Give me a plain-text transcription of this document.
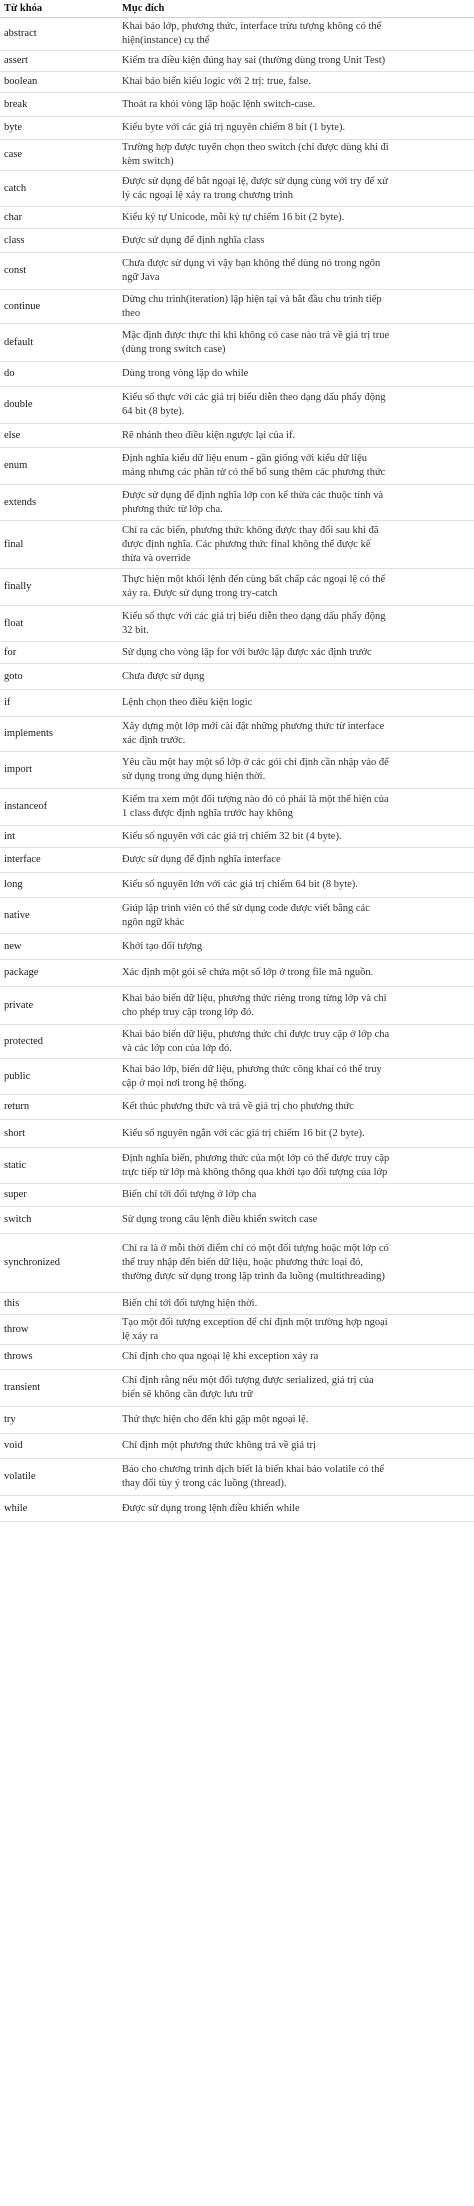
Từ khóa	Mục đích
abstract	Khai báo lớp, phương thức, interface trừu tượng không có thể hiện(instance) cụ thể
assert	Kiểm tra điều kiện đúng hay sai (thường dùng trong Unit Test)
boolean	Khai báo biến kiểu logic với 2 trị: true, false.
break	Thoát ra khỏi vòng lặp hoặc lệnh switch-case.
byte	Kiểu byte với các giá trị nguyên chiếm 8 bit (1 byte).
case	Trường hợp được tuyển chọn theo switch (chỉ được dùng khi đi kèm switch)
catch	Được sử dụng để bắt ngoại lệ, được sử dụng cùng với try để xử lý các ngoại lệ xảy ra trong chương trình
char	Kiểu ký tự Unicode, mỗi ký tự chiếm 16 bit (2 byte).
class	Được sử dụng để định nghĩa class
const	Chưa được sử dụng vì vậy bạn không thể dùng nó trong ngôn ngữ Java
continue	Dừng chu trình(iteration) lặp hiện tại và bắt đầu chu trình tiếp theo
default	Mặc định được thực thi khi không có case nào trả về giá trị true (dùng trong switch case)
do	Dùng trong vòng lặp do while
double	Kiểu số thực với các giá trị biểu diễn theo dạng dấu phẩy động 64 bit (8 byte).
else	Rẽ nhánh theo điều kiện ngược lại của if.
enum	Định nghĩa kiểu dữ liệu enum - gần giống với kiểu dữ liệu mảng nhưng các phần tử có thể bổ sung thêm các phương thức
extends	Được sử dụng để định nghĩa lớp con kế thừa các thuộc tính và phương thức từ lớp cha.
final	Chỉ ra các biến, phương thức không được thay đổi sau khi đã được định nghĩa. Các phương thức final không thể được kế thừa và override
finally	Thực hiện một khối lệnh đến cùng bất chấp các ngoại lệ có thể xảy ra. Được sử dụng trong try-catch
float	Kiểu số thực với các giá trị biểu diễn theo dạng dấu phẩy động 32 bit.
for	Sử dụng cho vòng lặp for với bước lặp được xác định trước
goto	Chưa được sử dụng
if	Lệnh chọn theo điều kiện logic
implements	Xây dựng một lớp mới cài đặt những phương thức từ interface xác định trước.
import	Yêu cầu một hay một số lớp ở các gói chỉ định cần nhập vào để sử dụng trong ứng dụng hiện thời.
instanceof	Kiểm tra xem một đối tượng nào đó có phải là một thể hiện của 1 class được định nghĩa trước hay không
int	Kiểu số nguyên với các giá trị chiếm 32 bit (4 byte).
interface	Được sử dụng để định nghĩa interface
long	Kiểu số nguyên lớn với các giá trị chiếm 64 bit (8 byte).
native	Giúp lập trình viên có thể sử dụng code được viết bằng các ngôn ngữ khác
new	Khởi tạo đối tượng
package	Xác định một gói sẽ chứa một số lớp ở trong file mã nguồn.
private	Khai báo biến dữ liệu, phương thức riêng trong từng lớp và chỉ cho phép truy cập trong lớp đó.
protected	Khai báo biến dữ liệu, phương thức chỉ được truy cập ở lớp cha và các lớp con của lớp đó.
public	Khai báo lớp, biến dữ liệu, phương thức công khai có thể truy cập ở mọi nơi trong hệ thống.
return	Kết thúc phương thức và trả về giá trị cho phương thức
short	Kiểu số nguyên ngắn với các giá trị chiếm 16 bit (2 byte).
static	Định nghĩa biến, phương thức của một lớp có thể được truy cập trực tiếp từ lớp mà không thông qua khởi tạo đối tượng của lớp
super	Biến chỉ tới đối tượng ở lớp cha
switch	Sử dụng trong câu lệnh điều khiển switch case
synchronized	Chỉ ra là ở mỗi thời điểm chỉ có một đối tượng hoặc một lớp có thể truy nhập đến biến dữ liệu, hoặc phương thức loại đó, thường được sử dụng trong lập trình đa luồng (multithreading)
this	Biến chỉ tới đối tượng hiện thời.
throw	Tạo một đối tượng exception để chỉ định một trường hợp ngoại lệ xảy ra
throws	Chỉ định cho qua ngoại lệ khi exception xảy ra
transient	Chỉ định rằng nếu một đối tượng được serialized, giá trị của biến sẽ không cần được lưu trữ
try	Thử thực hiện cho đến khi gặp một ngoại lệ.
void	Chỉ định một phương thức không trả về giá trị
volatile	Báo cho chương trình dịch biết là biến khai báo volatile có thể thay đổi tùy ý trong các luồng (thread).
while	Được sử dụng trong lệnh điều khiển while
